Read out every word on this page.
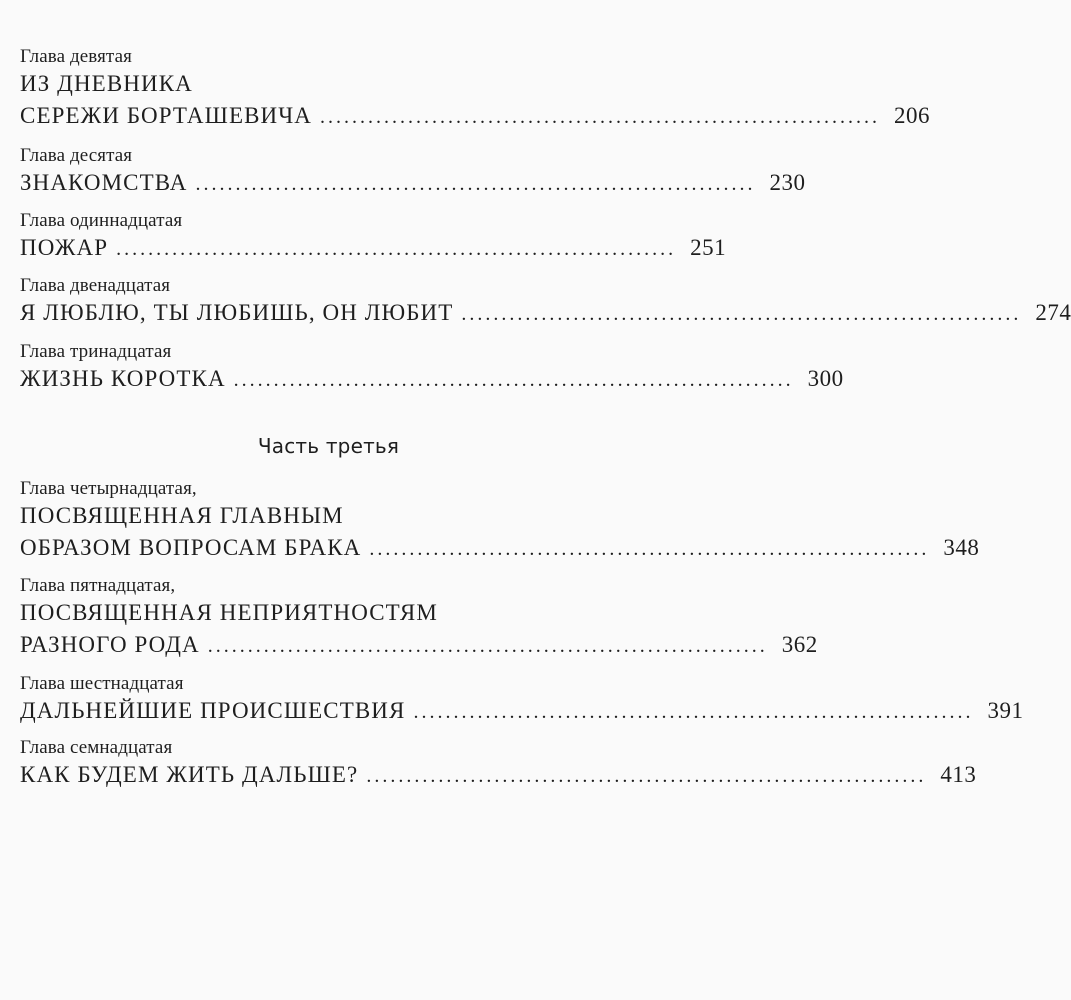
Глава девятая
ИЗ ДНЕВНИКА
СЕРЕЖИ БОРТАШЕВИЧА ...................................................................... 206
Глава десятая
ЗНАКОМСТВА ...................................................................... 230
Глава одиннадцатая
ПОЖАР ...................................................................... 251
Глава двенадцатая
Я ЛЮБЛЮ, ТЫ ЛЮБИШЬ, ОН ЛЮБИТ ...................................................................... 274
Глава тринадцатая
ЖИЗНЬ КОРОТКА ...................................................................... 300
Часть третья
Глава четырнадцатая,
ПОСВЯЩЕННАЯ ГЛАВНЫМ
ОБРАЗОМ ВОПРОСАМ БРАКА ...................................................................... 348
Глава пятнадцатая,
ПОСВЯЩЕННАЯ НЕПРИЯТНОСТЯМ
РАЗНОГО РОДА ...................................................................... 362
Глава шестнадцатая
ДАЛЬНЕЙШИЕ ПРОИСШЕСТВИЯ ...................................................................... 391
Глава семнадцатая
КАК БУДЕМ ЖИТЬ ДАЛЬШЕ? ...................................................................... 413
